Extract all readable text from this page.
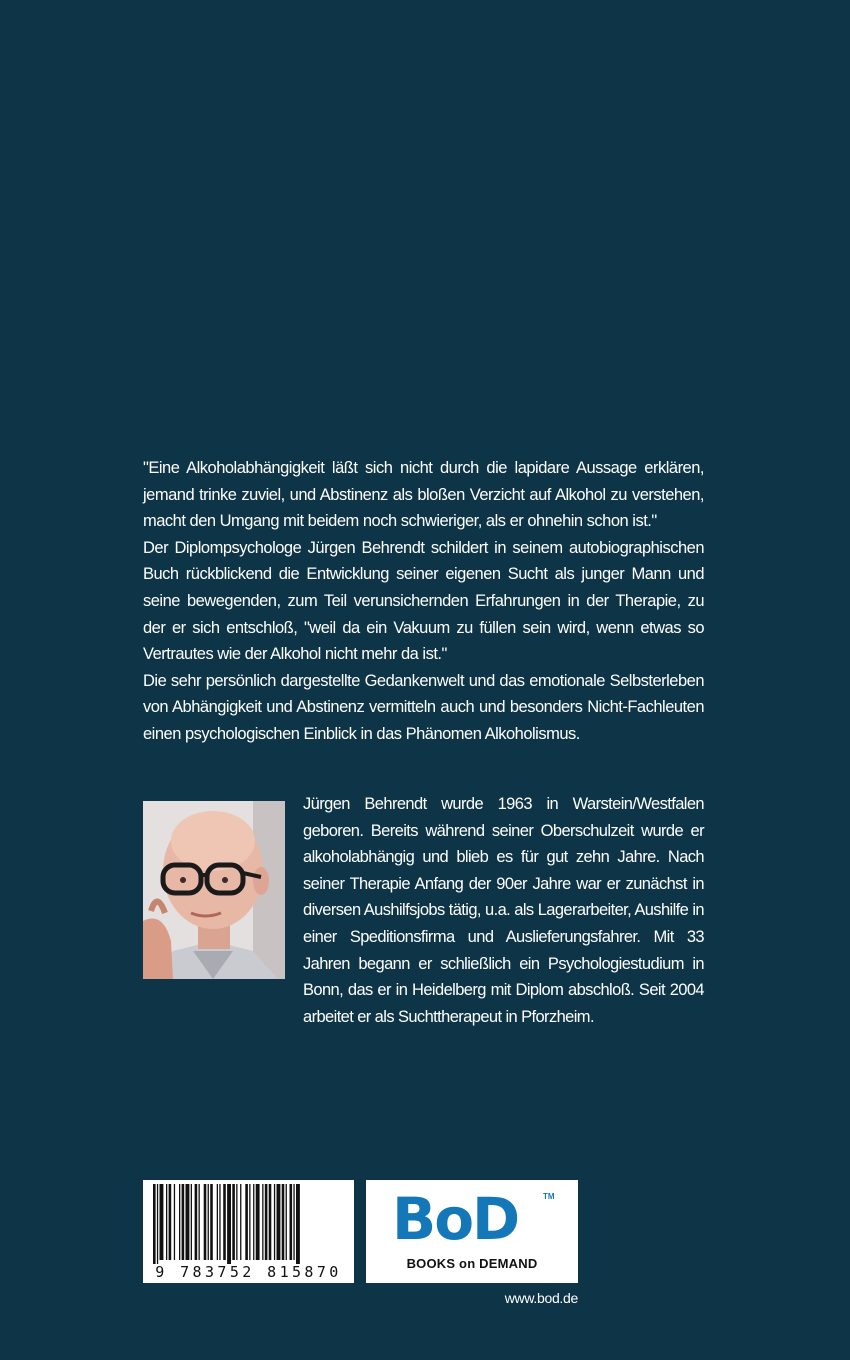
"Eine Alkoholabhängigkeit läßt sich nicht durch die lapidare Aussage erklären, jemand trinke zuviel, und Abstinenz als bloßen Verzicht auf Alkohol zu verstehen, macht den Umgang mit beidem noch schwieriger, als er ohnehin schon ist."

Der Diplompsychologe Jürgen Behrendt schildert in seinem autobiographischen Buch rückblickend die Entwicklung seiner eigenen Sucht als junger Mann und seine bewegenden, zum Teil verunsichernden Erfahrungen in der Therapie, zu der er sich entschloß, "weil da ein Vakuum zu füllen sein wird, wenn etwas so Vertrautes wie der Alkohol nicht mehr da ist."

Die sehr persönlich dargestellte Gedankenwelt und das emotionale Selbsterleben von Abhängigkeit und Abstinenz vermitteln auch und besonders Nicht-Fachleuten einen psychologischen Einblick in das Phänomen Alkoholismus.

Jürgen Behrendt wurde 1963 in Warstein/Westfalen geboren. Bereits während seiner Oberschulzeit wurde er alkoholabhängig und blieb es für gut zehn Jahre. Nach seiner Therapie Anfang der 90er Jahre war er zunächst in diversen Aushilfsjobs tätig, u.a. als Lagerarbeiter, Aushilfe in einer Speditionsfirma und Auslieferungsfahrer. Mit 33 Jahren begann er schließlich ein Psychologiestudium in Bonn, das er in Heidelberg mit Diplom abschloß. Seit 2004 arbeitet er als Suchttherapeut in Pforzheim.
9 783752 815870
BoD	TM
BOOKS on DEMAND
www.bod.de
